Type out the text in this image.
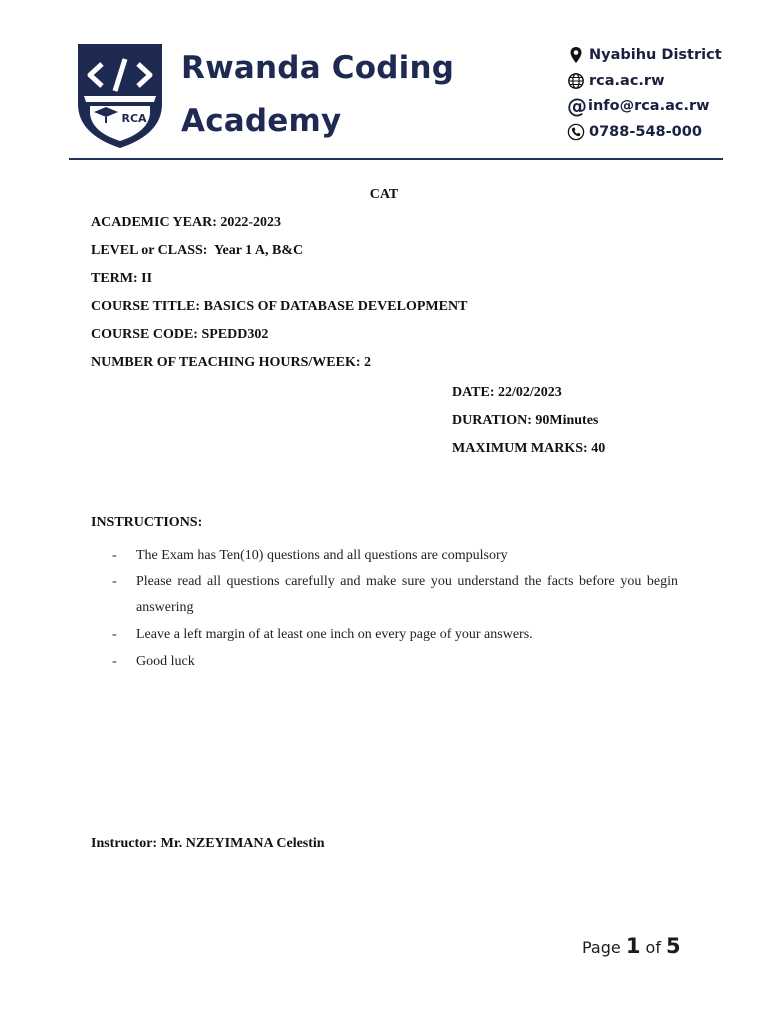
RCA
Rwanda Coding
Academy
Nyabihu District
rca.ac.rw
@ info@rca.ac.rw
0788-548-000
CAT
ACADEMIC YEAR: 2022-2023
LEVEL or CLASS:  Year 1 A, B&C
TERM: II
COURSE TITLE: BASICS OF DATABASE DEVELOPMENT
COURSE CODE: SPEDD302
NUMBER OF TEACHING HOURS/WEEK: 2
DATE: 22/02/2023
DURATION: 90Minutes
MAXIMUM MARKS: 40
INSTRUCTIONS:
- The Exam has Ten(10) questions and all questions are compulsory
- Please read all questions carefully and make sure you understand the facts before you begin answering
- Leave a left margin of at least one inch on every page of your answers.
- Good luck
Instructor: Mr. NZEYIMANA Celestin
Page 1 of 5
